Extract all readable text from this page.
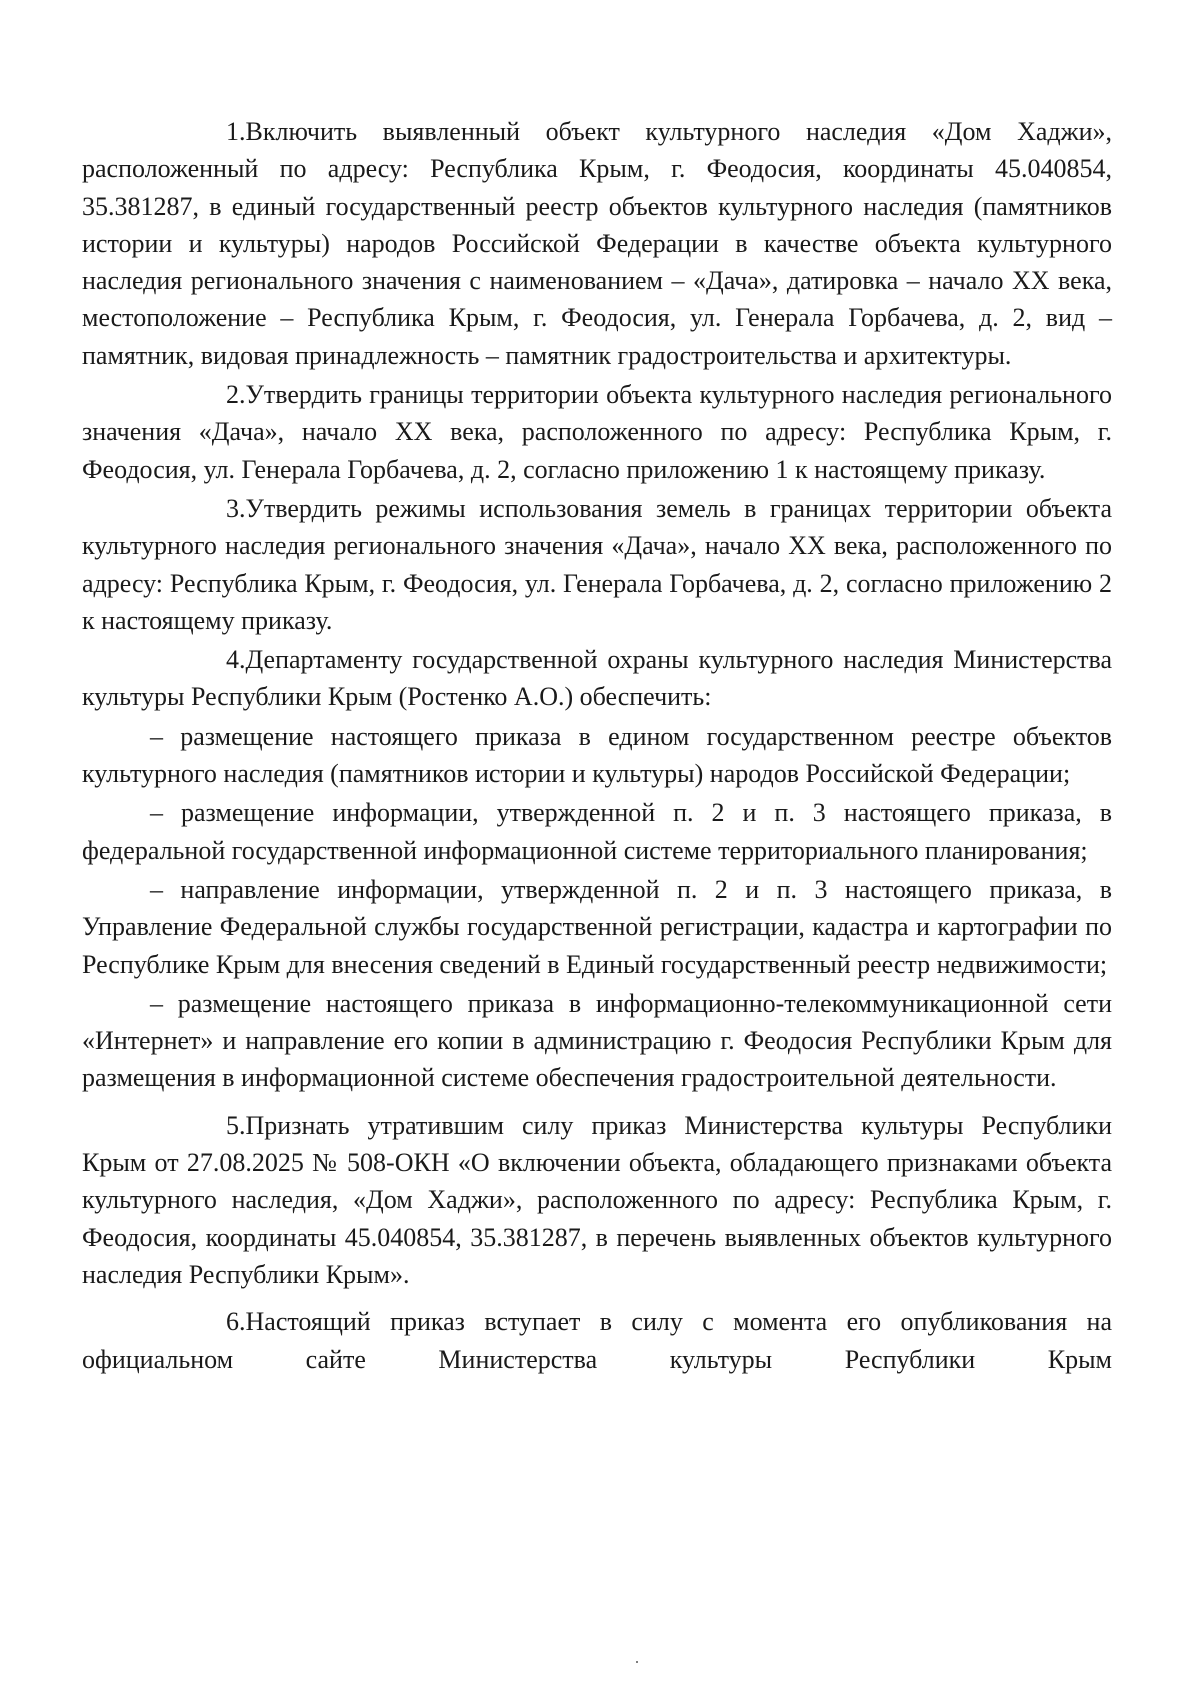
1.Включить выявленный объект культурного наследия «Дом Хаджи», расположенный по адресу: Республика Крым, г. Феодосия, координаты 45.040854, 35.381287, в единый государственный реестр объектов культурного наследия (памятников истории и культуры) народов Российской Федерации в качестве объекта культурного наследия регионального значения с наименованием – «Дача», датировка – начало XX века, местоположение – Республика Крым, г. Феодосия, ул. Генерала Горбачева, д. 2, вид – памятник, видовая принадлежность – памятник градостроительства и архитектуры.

2.Утвердить границы территории объекта культурного наследия регионального значения «Дача», начало XX века, расположенного по адресу: Республика Крым, г. Феодосия, ул. Генерала Горбачева, д. 2, согласно приложению 1 к настоящему приказу.

3.Утвердить режимы использования земель в границах территории объекта культурного наследия регионального значения «Дача», начало XX века, расположенного по адресу: Республика Крым, г. Феодосия, ул. Генерала Горбачева, д. 2, согласно приложению 2 к настоящему приказу.

4.Департаменту государственной охраны культурного наследия Министерства культуры Республики Крым (Ростенко А.О.) обеспечить:

– размещение настоящего приказа в едином государственном реестре объектов культурного наследия (памятников истории и культуры) народов Российской Федерации;

– размещение информации, утвержденной п. 2 и п. 3 настоящего приказа, в федеральной государственной информационной системе территориального планирования;

– направление информации, утвержденной п. 2 и п. 3 настоящего приказа, в Управление Федеральной службы государственной регистрации, кадастра и картографии по Республике Крым для внесения сведений в Единый государственный реестр недвижимости;

– размещение настоящего приказа в информационно-телекоммуникационной сети «Интернет» и направление его копии в администрацию г. Феодосия Республики Крым для размещения в информационной системе обеспечения градостроительной деятельности.

5.Признать утратившим силу приказ Министерства культуры Республики Крым от 27.08.2025 № 508-ОКН «О включении объекта, обладающего признаками объекта культурного наследия, «Дом Хаджи», расположенного по адресу: Республика Крым, г. Феодосия, координаты 45.040854, 35.381287, в перечень выявленных объектов культурного наследия Республики Крым».

6.Настоящий приказ вступает в силу с момента его опубликования на официальном сайте Министерства культуры Республики Крым
